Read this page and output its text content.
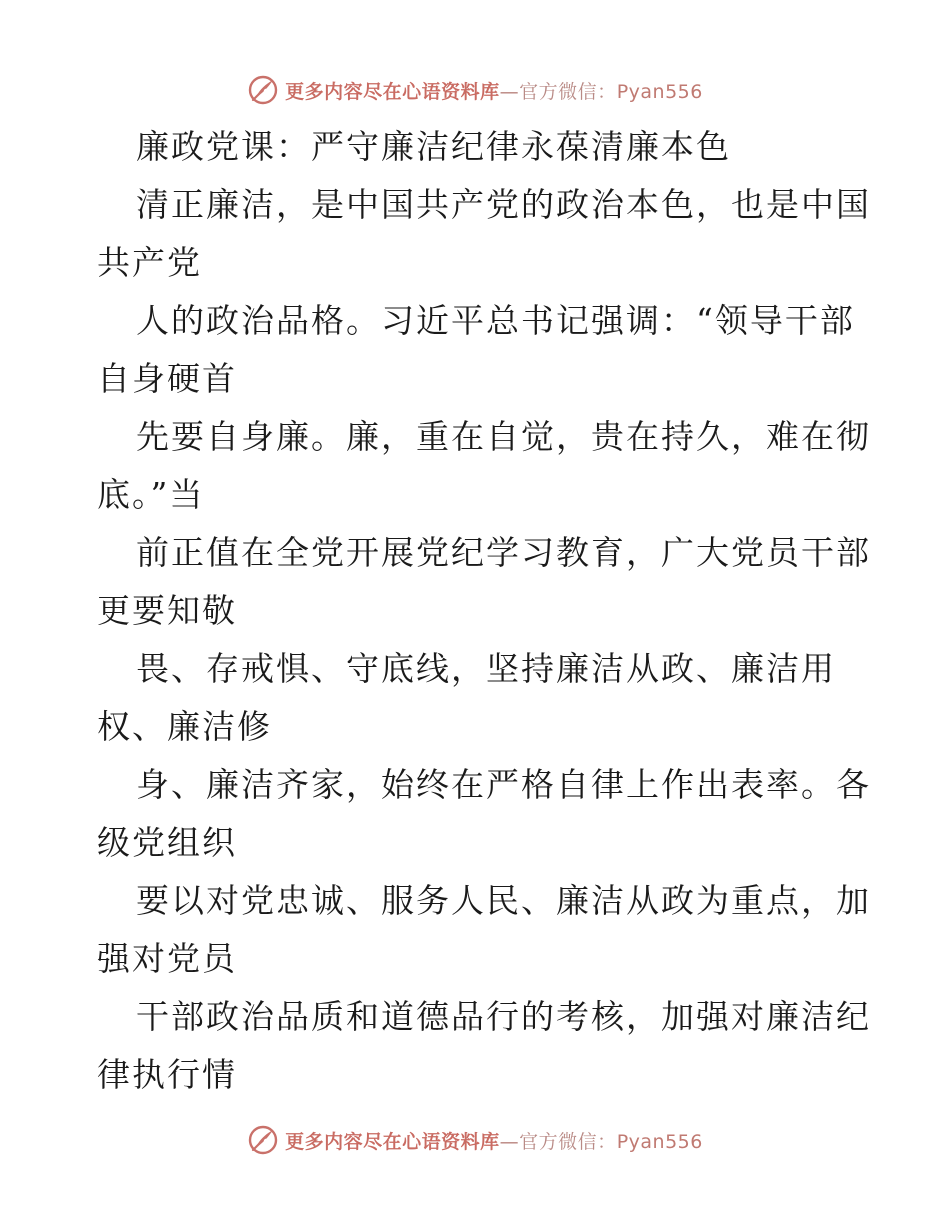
更多内容尽在心语资料库—官方微信：Pyan556
廉政党课：严守廉洁纪律永葆清廉本色
清正廉洁，是中国共产党的政治本色，也是中国
共产党
人的政治品格。习近平总书记强调：“领导干部
自身硬首
先要自身廉。廉，重在自觉，贵在持久，难在彻
底。”当
前正值在全党开展党纪学习教育，广大党员干部
更要知敬
畏、存戒惧、守底线，坚持廉洁从政、廉洁用
权、廉洁修
身、廉洁齐家，始终在严格自律上作出表率。各
级党组织
要以对党忠诚、服务人民、廉洁从政为重点，加
强对党员
干部政治品质和道德品行的考核，加强对廉洁纪
律执行情
更多内容尽在心语资料库—官方微信：Pyan556
